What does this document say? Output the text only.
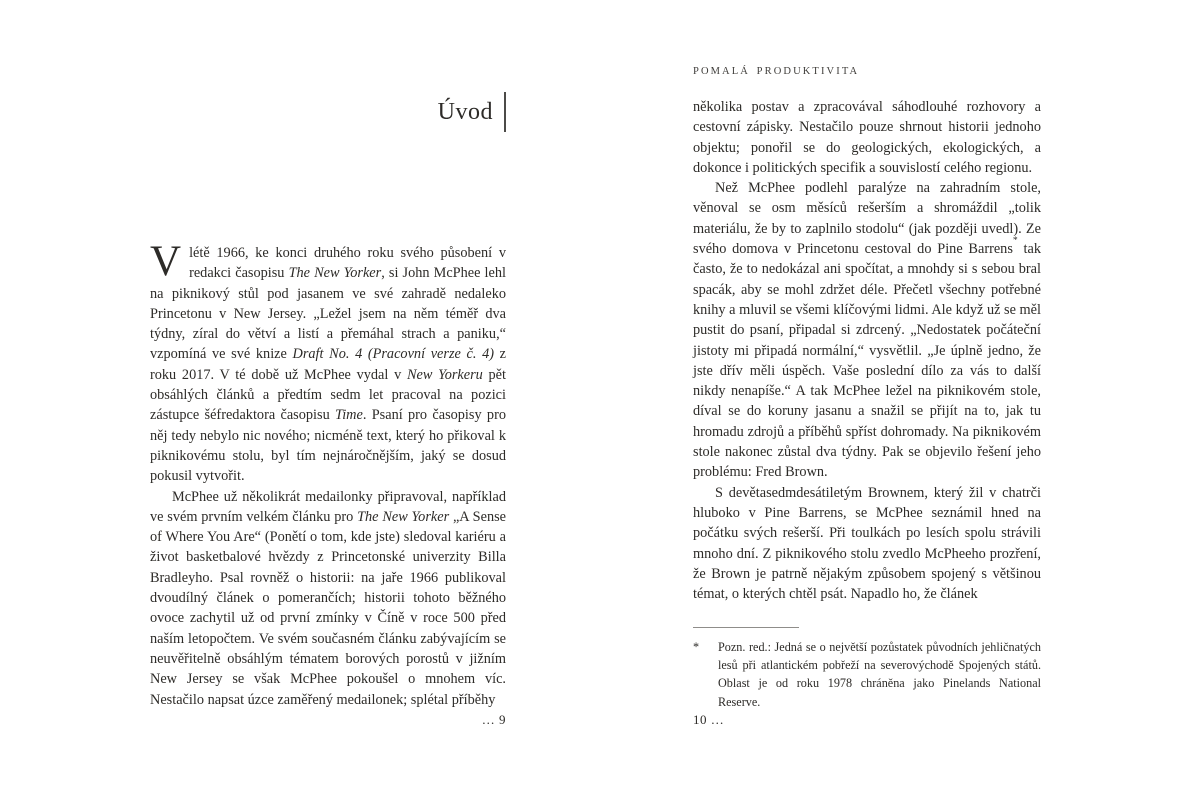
Úvod

Vlétě 1966, ke konci druhého roku svého působení v redakci časopisu The New Yorker, si John McPhee lehl na piknikový stůl pod jasanem ve své zahradě nedaleko Princetonu v New Jersey. „Ležel jsem na něm téměř dva týdny, zíral do větví a listí a přemáhal strach a paniku,“ vzpomíná ve své knize Draft No. 4 (Pracovní verze č. 4) z roku 2017. V té době už McPhee vydal v New Yorkeru pět obsáhlých článků a předtím sedm let pracoval na pozici zástupce šéfredaktora časopisu Time. Psaní pro časopisy pro něj tedy nebylo nic nového; nicméně text, který ho přikoval k piknikovému stolu, byl tím nejnáročnějším, jaký se dosud pokusil vytvořit.

McPhee už několikrát medailonky připravoval, například ve svém prvním velkém článku pro The New Yorker „A Sense of Where You Are“ (Ponětí o tom, kde jste) sledoval kariéru a život basketbalové hvězdy z Princetonské univerzity Billa Bradleyho. Psal rovněž o historii: na jaře 1966 publikoval dvoudílný článek o pomerančích; historii tohoto běžného ovoce zachytil už od první zmínky v Číně v roce 500 před naším letopočtem. Ve svém současném článku zabývajícím se neuvěřitelně obsáhlým tématem borových porostů v jižním New Jersey se však McPhee pokoušel o mnohem víc. Nestačilo napsat úzce zaměřený medailonek; splétal příběhy

… 9
POMALÁ PRODUKTIVITA

několika postav a zpracovával sáhodlouhé rozhovory a cestovní zápisky. Nestačilo pouze shrnout historii jednoho objektu; ponořil se do geologických, ekologických, a dokonce i politických specifik a souvislostí celého regionu.

Než McPhee podlehl paralýze na zahradním stole, věnoval se osm měsíců rešerším a shromáždil „tolik materiálu, že by to zaplnilo stodolu“ (jak později uvedl). Ze svého domova v Princetonu cestoval do Pine Barrens* tak často, že to nedokázal ani spočítat, a mnohdy si s sebou bral spacák, aby se mohl zdržet déle. Přečetl všechny potřebné knihy a mluvil se všemi klíčovými lidmi. Ale když už se měl pustit do psaní, připadal si zdrcený. „Nedostatek počáteční jistoty mi připadá normální,“ vysvětlil. „Je úplně jedno, že jste dřív měli úspěch. Vaše poslední dílo za vás to další nikdy nenapíše.“ A tak McPhee ležel na piknikovém stole, díval se do koruny jasanu a snažil se přijít na to, jak tu hromadu zdrojů a příběhů spříst dohromady. Na piknikovém stole nakonec zůstal dva týdny. Pak se objevilo řešení jeho problému: Fred Brown.

S devětasedmdesátiletým Brownem, který žil v chatrči hluboko v Pine Barrens, se McPhee seznámil hned na počátku svých rešerší. Při toulkách po lesích spolu strávili mnoho dní. Z piknikového stolu zvedlo McPheeho prozření, že Brown je patrně nějakým způsobem spojený s většinou témat, o kterých chtěl psát. Napadlo ho, že článek

*	Pozn. red.: Jedná se o největší pozůstatek původních jehličnatých lesů při atlantickém pobřeží na severovýchodě Spojených států. Oblast je od roku 1978 chráněna jako Pinelands National Reserve.
10 …
